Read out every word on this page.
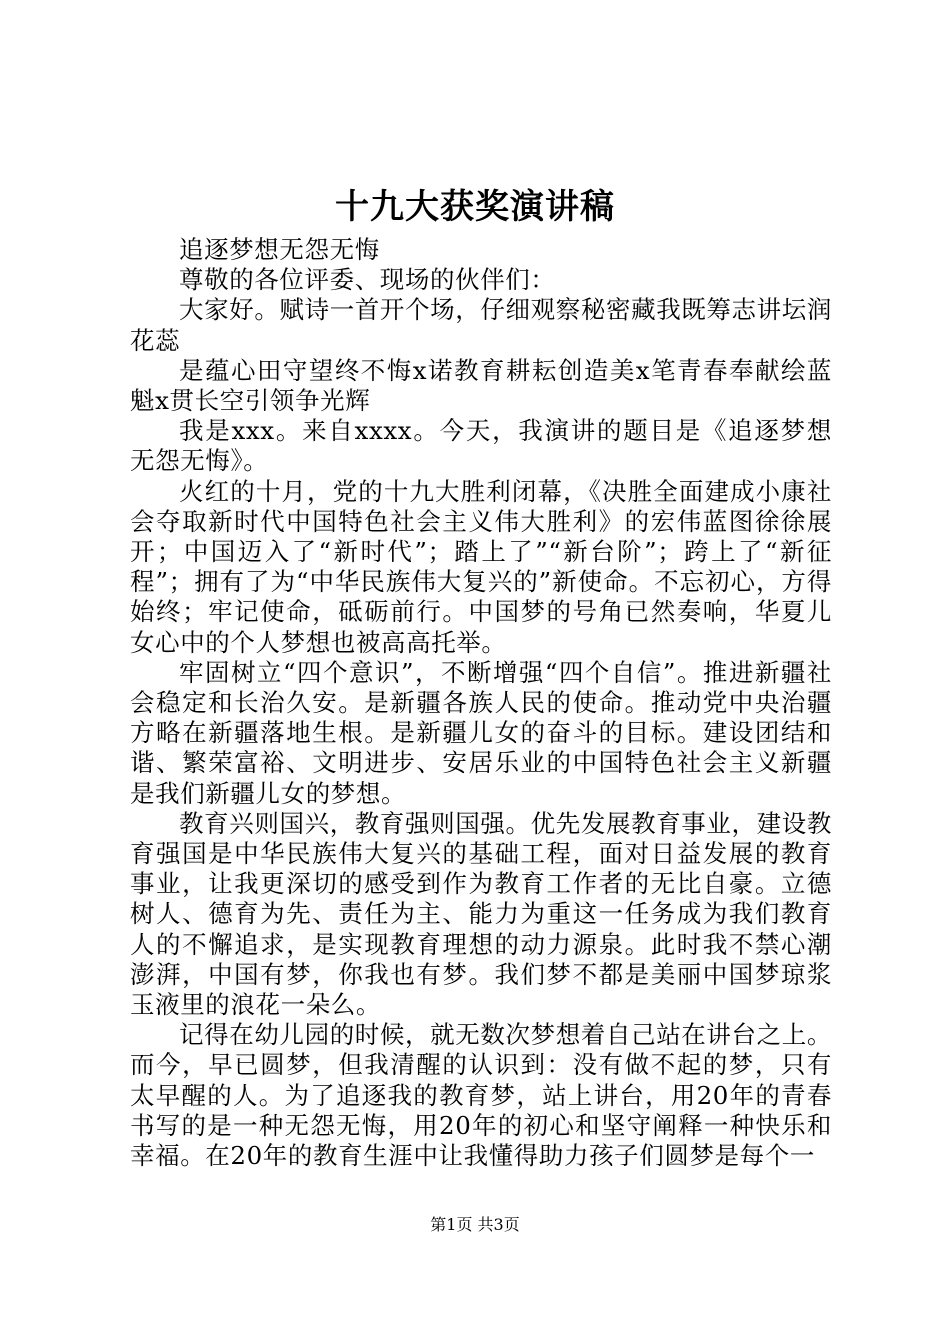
十九大获奖演讲稿

追逐梦想无怨无悔

尊敬的各位评委、现场的伙伴们：

大家好。赋诗一首开个场，仔细观察秘密藏我既筹志讲坛润花蕊

是蕴心田守望终不悔x诺教育耕耘创造美x笔青春奉献绘蓝魁x贯长空引领争光辉

我是xxx。来自xxxx。今天，我演讲的题目是《追逐梦想无怨无悔》。

火红的十月，党的十九大胜利闭幕，《决胜全面建成小康社会夺取新时代中国特色社会主义伟大胜利》的宏伟蓝图徐徐展开；中国迈入了“新时代”；踏上了”“新台阶”；跨上了“新征程”；拥有了为“中华民族伟大复兴的”新使命。不忘初心，方得始终；牢记使命，砥砺前行。中国梦的号角已然奏响，华夏儿女心中的个人梦想也被高高托举。

牢固树立“四个意识”，不断增强“四个自信”。推进新疆社会稳定和长治久安。是新疆各族人民的使命。推动党中央治疆方略在新疆落地生根。是新疆儿女的奋斗的目标。建设团结和谐、繁荣富裕、文明进步、安居乐业的中国特色社会主义新疆是我们新疆儿女的梦想。

教育兴则国兴，教育强则国强。优先发展教育事业，建设教育强国是中华民族伟大复兴的基础工程，面对日益发展的教育事业，让我更深切的感受到作为教育工作者的无比自豪。立德树人、德育为先、责任为主、能力为重这一任务成为我们教育人的不懈追求，是实现教育理想的动力源泉。此时我不禁心潮澎湃，中国有梦，你我也有梦。我们梦不都是美丽中国梦琼浆玉液里的浪花一朵么。

记得在幼儿园的时候，就无数次梦想着自己站在讲台之上。而今，早已圆梦，但我清醒的认识到：没有做不起的梦，只有太早醒的人。为了追逐我的教育梦，站上讲台，用20年的青春书写的是一种无怨无悔，用20年的初心和坚守阐释一种快乐和幸福。在20年的教育生涯中让我懂得助力孩子们圆梦是每个一

第1页 共3页
